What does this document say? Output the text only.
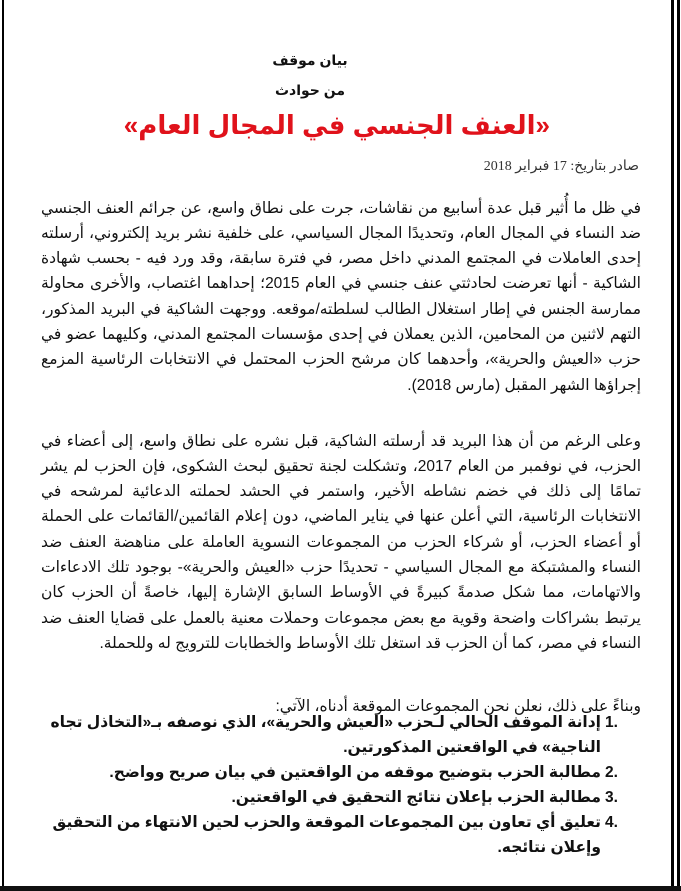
بيان موقف
من حوادث
«العنف الجنسي في المجال العام»
صادر بتاريخ: 17 فبراير 2018

في ظل ما أُثير قبل عدة أسابيع من نقاشات، جرت على نطاق واسع، عن جرائم العنف الجنسي ضد النساء في المجال العام، وتحديدًا المجال السياسي، على خلفية نشر بريد إلكتروني، أرسلته إحدى العاملات في المجتمع المدني داخل مصر، في فترة سابقة، وقد ورد فيه - بحسب شهادة الشاكية - أنها تعرضت لحادثتي عنف جنسي في العام 2015؛ إحداهما اغتصاب، والأخرى محاولة ممارسة الجنس في إطار استغلال الطالب لسلطته/موقعه. ووجهت الشاكية في البريد المذكور، التهم لاثنين من المحامين، الذين يعملان في إحدى مؤسسات المجتمع المدني، وكليهما عضو في حزب «العيش والحرية»، وأحدهما كان مرشح الحزب المحتمل في الانتخابات الرئاسية المزمع إجراؤها الشهر المقبل (مارس 2018).

وعلى الرغم من أن هذا البريد قد أرسلته الشاكية، قبل نشره على نطاق واسع، إلى أعضاء في الحزب، في نوفمبر من العام 2017، وتشكلت لجنة تحقيق لبحث الشكوى، فإن الحزب لم يشر تمامًا إلى ذلك في خضم نشاطه الأخير، واستمر في الحشد لحملته الدعائية لمرشحه في الانتخابات الرئاسية، التي أعلن عنها في يناير الماضي، دون إعلام القائمين/القائمات على الحملة أو أعضاء الحزب، أو شركاء الحزب من المجموعات النسوية العاملة على مناهضة العنف ضد النساء والمشتبكة مع المجال السياسي - تحديدًا حزب «العيش والحرية»- بوجود تلك الادعاءات والاتهامات، مما شكل صدمةً كبيرةً في الأوساط السابق الإشارة إليها، خاصةً أن الحزب كان يرتبط بشراكات واضحة وقوية مع بعض مجموعات وحملات معنية بالعمل على قضايا العنف ضد النساء في مصر، كما أن الحزب قد استغل تلك الأوساط والخطابات للترويج له وللحملة.

وبناءً على ذلك، نعلن نحن المجموعات الموقعة أدناه، الآتي:

1.
إدانة الموقف الحالي لـحزب «العيش والحرية»، الذي نوصفه بـ«التخاذل تجاه الناجية» في الواقعتين المذكورتين.
2.
مطالبة الحزب بتوضيح موقفه من الواقعتين في بيان صريح وواضح.
3.
مطالبة الحزب بإعلان نتائج التحقيق في الواقعتين.
4.
تعليق أي تعاون بين المجموعات الموقعة والحزب لحين الانتهاء من التحقيق وإعلان نتائجه.
